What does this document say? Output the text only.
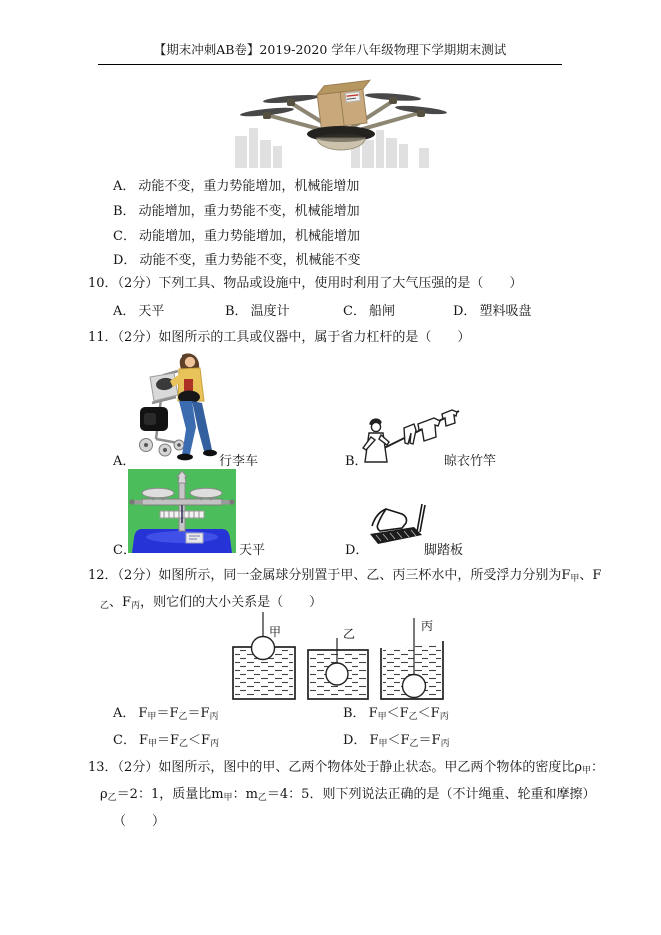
【期末冲刺AB卷】2019-2020 学年八年级物理下学期期末测试
A． 动能不变，重力势能增加，机械能增加
B． 动能增加，重力势能不变，机械能增加
C． 动能增加，重力势能增加，机械能增加
D． 动能不变，重力势能不变，机械能不变
10．（2分）下列工具、物品或设施中，使用时利用了大气压强的是（　　）
A． 天平	B． 温度计	C． 船闸	D． 塑料吸盘
11．（2分）如图所示的工具或仪器中，属于省力杠杆的是（　　）
A．	行李车	B．	晾衣竹竿
C．	天平	D．	脚踏板
12．（2分）如图所示，同一金属球分别置于甲、乙、丙三杯水中，所受浮力分别为$F_甲$、F
$_乙$、$F_丙$，则它们的大小关系是（　　）
甲	乙
丙
A． $F_甲=F_乙=F_丙$	B． $F_甲<F_乙<F_丙$
C． $F_甲=F_乙<F_丙$	D． $F_甲<F_乙=F_丙$
13．（2分）如图所示，图中的甲、乙两个物体处于静止状态。甲乙两个物体的密度比$\rho_甲$：
$\rho_乙=2$：1，质量比$m_甲$：$m_乙=4$：5．则下列说法正确的是（不计绳重、轮重和摩擦）
（　　）
